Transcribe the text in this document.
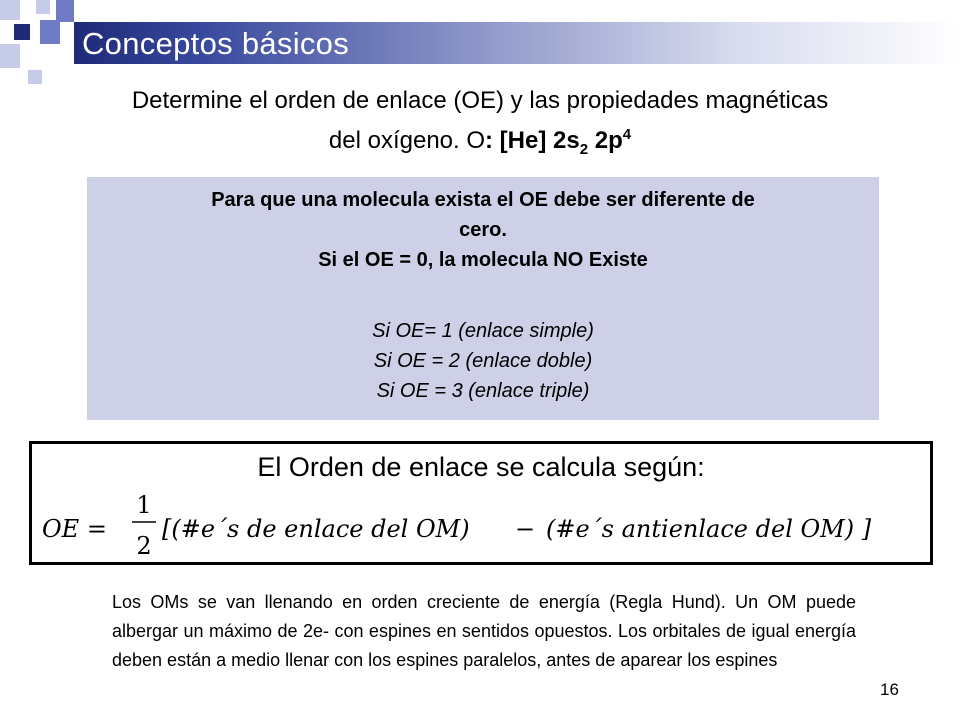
Conceptos básicos
Determine el orden de enlace (OE) y las propiedades magnéticas
del oxígeno. O: [He] $2s_2$ $2p^4$
Para que una molecula exista el OE debe ser diferente de
cero.
Si el OE = 0, la molecula NO Existe
Si OE= 1 (enlace simple)
Si OE = 2 (enlace doble)
Si OE = 3 (enlace triple)
El Orden de enlace se calcula según:
OE =
1
2
[(#e´s de enlace del OM) − (#e´s antienlace del OM) ]
Los OMs se van llenando en orden creciente de energía (Regla Hund). Un OM puede albergar un máximo de 2e- con espines en sentidos opuestos. Los orbitales de igual energía deben están a medio llenar con los espines paralelos, antes de aparear los espines
16
